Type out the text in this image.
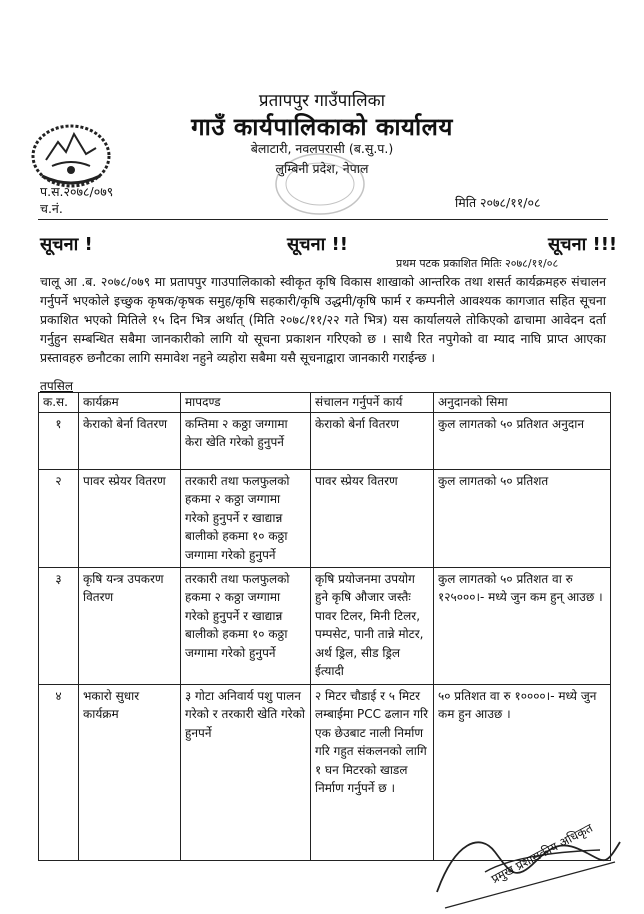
प्रतापपुर गाउँपालिका
गाउँ कार्यपालिकाको कार्यालय
बेलाटारी, नवलपरासी (ब.सु.प.)
लुम्बिनी प्रदेश, नेपाल
प.स.२०७८/०७९
च.नं.	मिति २०७८/११/०८
सूचना !	सूचना !!	सूचना !!!
प्रथम पटक प्रकाशित मितिः २०७८/११/०८
चालू आ .ब. २०७८/०७९ मा प्रतापपुर गाउपालिकाको स्वीकृत कृषि विकास शाखाको आन्तरिक तथा शसर्त कार्यक्रमहरु संचालन गर्नुपर्ने भएकोले इच्छुक कृषक/कृषक समुह/कृषि सहकारी/कृषि उद्धमी/कृषि फार्म र कम्पनीले आवश्यक कागजात सहित सूचना प्रकाशित भएको मितिले १५ दिन भित्र अर्थात् (मिति २०७८/११/२२ गते भित्र) यस कार्यालयले तोकिएको ढाचामा आवेदन दर्ता गर्नुहुन सम्बन्धित सबैमा जानकारीको लागि यो सूचना प्रकाशन गरिएको छ । साथै रित नपुगेको वा म्याद नाघि प्राप्त आएका प्रस्तावहरु छनौटका लागि समावेश नहुने व्यहोरा सबैमा यसै सूचनाद्वारा जानकारी गराईन्छ ।
तपसिल
क.स.	कार्यक्रम	मापदण्ड	संचालन गर्नुपर्ने कार्य	अनुदानको सिमा
१	केराको बेर्ना वितरण	कम्तिमा २ कठ्ठा जग्गामा केरा खेति गरेको हुनुपर्ने	केराको बेर्ना वितरण	कुल लागतको ५० प्रतिशत अनुदान
२	पावर स्प्रेयर वितरण	तरकारी तथा फलफुलको हकमा २ कठ्ठा जग्गामा गरेको हुनुपर्ने र खाद्यान्न बालीको हकमा १० कठ्ठा जग्गामा गरेको हुनुपर्ने	पावर स्प्रेयर वितरण	कुल लागतको ५० प्रतिशत
३	कृषि यन्त्र उपकरण वितरण	तरकारी तथा फलफुलको हकमा २ कठ्ठा जग्गामा गरेको हुनुपर्ने र खाद्यान्न बालीको हकमा १० कठ्ठा जग्गामा गरेको हुनुपर्ने	कृषि प्रयोजनमा उपयोग हुने कृषि औजार जस्तैः पावर टिलर, मिनी टिलर, पम्पसेट, पानी तान्ने मोटर, अर्थ ड्रिल, सीड ड्रिल ईत्यादी	कुल लागतको ५० प्रतिशत वा रु १२५०००।- मध्ये जुन कम हुन् आउछ ।
४	भकारो सुधार कार्यक्रम	३ गोटा अनिवार्य पशु पालन गरेको र तरकारी खेति गरेको हुनपर्ने	२ मिटर चौडाई र ५ मिटर लम्बाईमा PCC ढलान गरि एक छेउबाट नाली निर्माण गरि गहुत संकलनको लागि १ घन मिटरको खाडल निर्माण गर्नुपर्ने छ ।	५० प्रतिशत वा रु १००००।- मध्ये जुन कम हुन आउछ ।
प्रमुख प्रशासकीय अधिकृत
